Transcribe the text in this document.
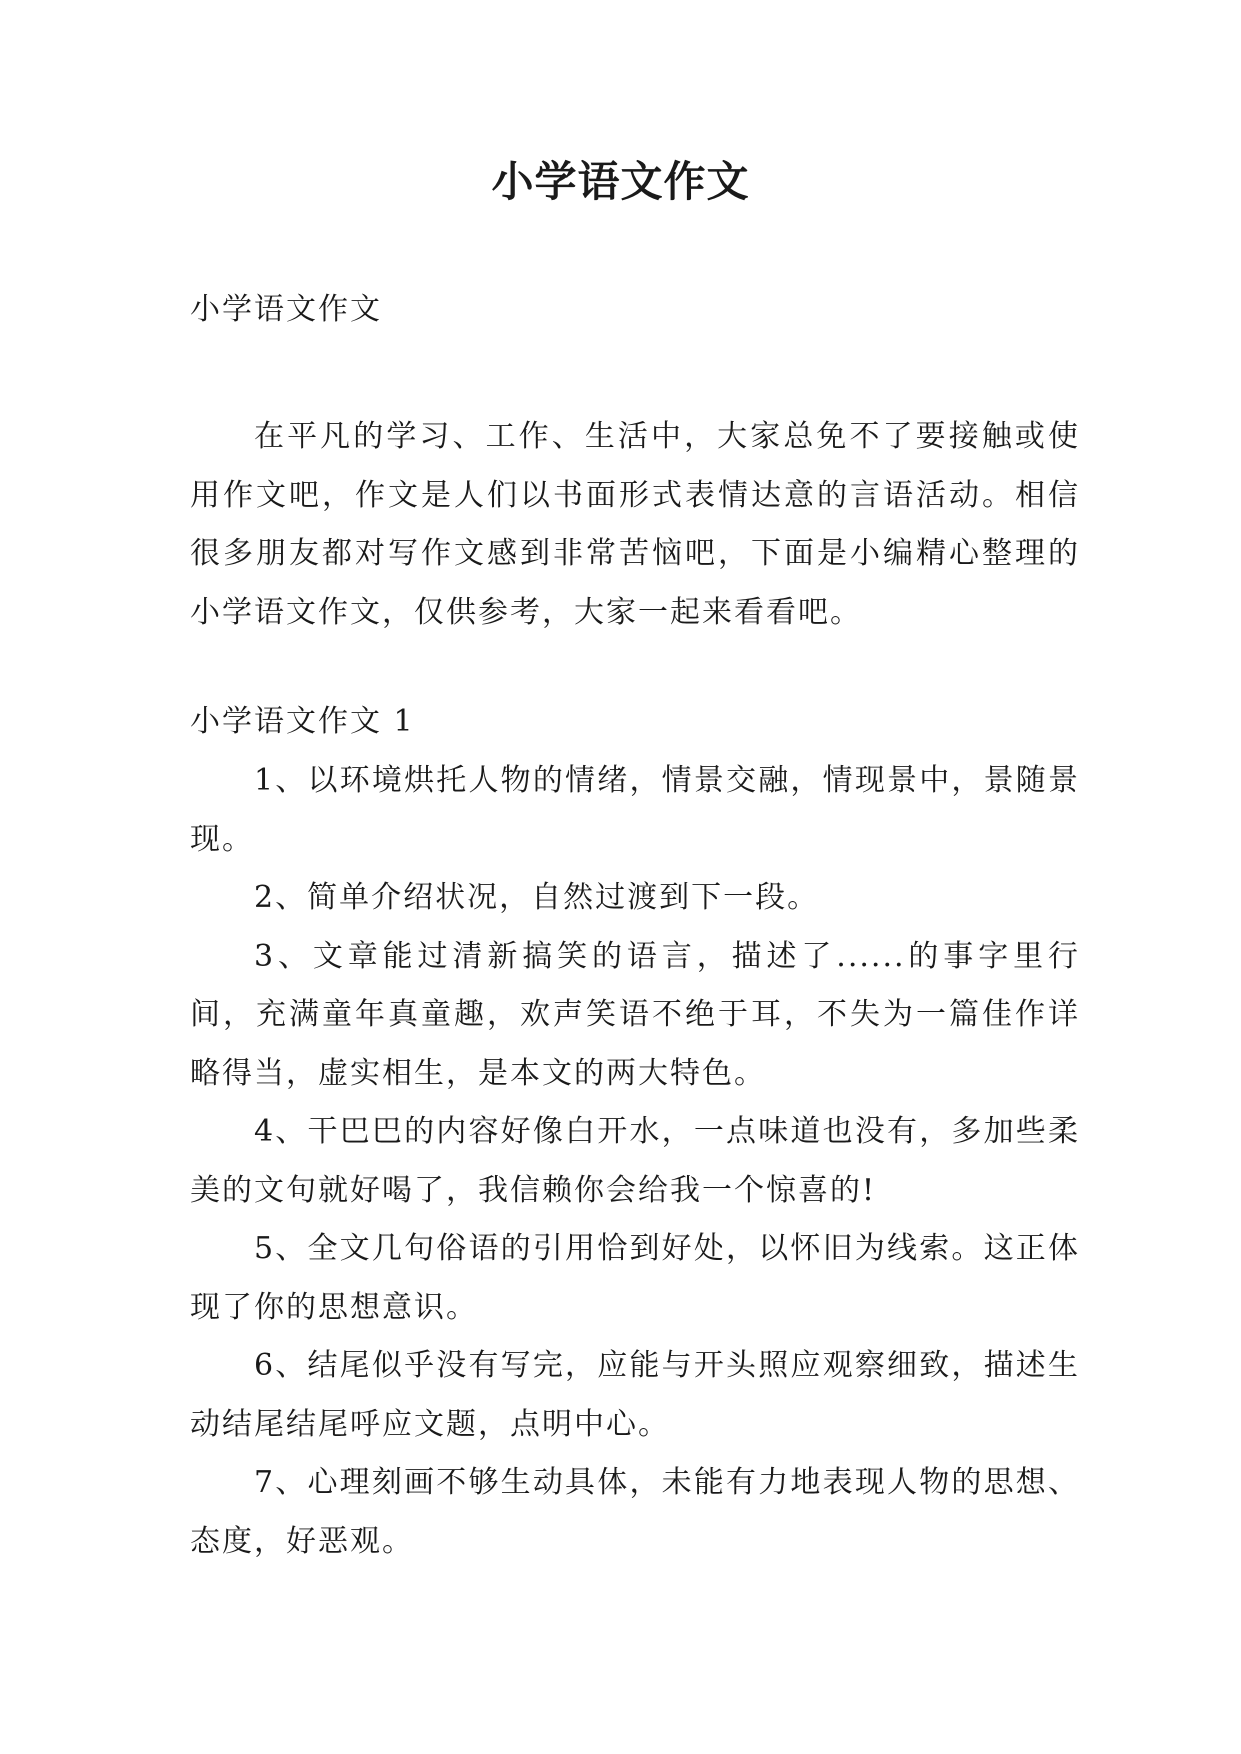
小学语文作文

小学语文作文

在平凡的学习、工作、生活中，大家总免不了要接触或使用作文吧，作文是人们以书面形式表情达意的言语活动。相信很多朋友都对写作文感到非常苦恼吧，下面是小编精心整理的小学语文作文，仅供参考，大家一起来看看吧。

小学语文作文 1

1、以环境烘托人物的情绪，情景交融，情现景中，景随景现。
2、简单介绍状况，自然过渡到下一段。
3、文章能过清新搞笑的语言，描述了......的事字里行间，充满童年真童趣，欢声笑语不绝于耳，不失为一篇佳作详略得当，虚实相生，是本文的两大特色。
4、干巴巴的内容好像白开水，一点味道也没有，多加些柔美的文句就好喝了，我信赖你会给我一个惊喜的!
5、全文几句俗语的引用恰到好处，以怀旧为线索。这正体现了你的思想意识。
6、结尾似乎没有写完，应能与开头照应观察细致，描述生动结尾结尾呼应文题，点明中心。
7、心理刻画不够生动具体，未能有力地表现人物的思想、态度，好恶观。
